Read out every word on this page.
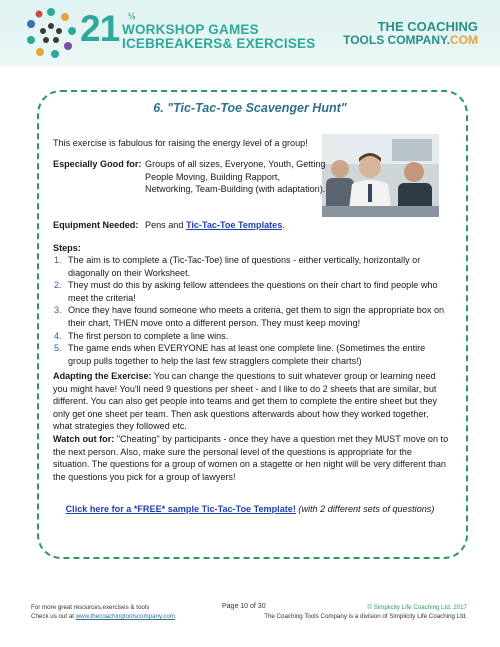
21 ½
WORKSHOP GAMES
ICEBREAKERS& EXERCISES
THE COACHING
TOOLS COMPANY.COM
6. "Tic-Tac-Toe Scavenger Hunt"
This exercise is fabulous for raising the energy level of a group!
Especially Good for: Groups of all sizes, Everyone, Youth, Getting People Moving, Building Rapport, Networking, Team-Building (with adaptation).
Equipment Needed: Pens and Tic-Tac-Toe Templates.
Steps:
1. The aim is to complete a (Tic-Tac-Toe) line of questions - either vertically, horizontally or diagonally on their Worksheet.
2. They must do this by asking fellow attendees the questions on their chart to find people who meet the criteria!
3. Once they have found someone who meets a criteria, get them to sign the appropriate box on their chart, THEN move onto a different person. They must keep moving!
4. The first person to complete a line wins.
5. The game ends when EVERYONE has at least one complete line. (Sometimes the entire group pulls together to help the last few stragglers complete their charts!)
Adapting the Exercise: You can change the questions to suit whatever group or learning need you might have! You'll need 9 questions per sheet - and I like to do 2 sheets that are similar, but different. You can also get people into teams and get them to complete the entire sheet but they only get one sheet per team. Then ask questions afterwards about how they worked together, what strategies they followed etc.
Watch out for: "Cheating" by participants - once they have a question met they MUST move on to the next person. Also, make sure the personal level of the questions is appropriate for the situation. The questions for a group of women on a stagette or hen night will be very different than the questions you pick for a group of lawyers!
Click here for a *FREE* sample Tic-Tac-Toe Template! (with 2 different sets of questions)
For more great resources,exercises & tools
Check us out at www.thecoachingtoolscompany.com
Page 10 of 30	© Simplicity Life Coaching Ltd. 2017
The Coaching Tools Company is a division of Simplicity Life Coaching Ltd.
